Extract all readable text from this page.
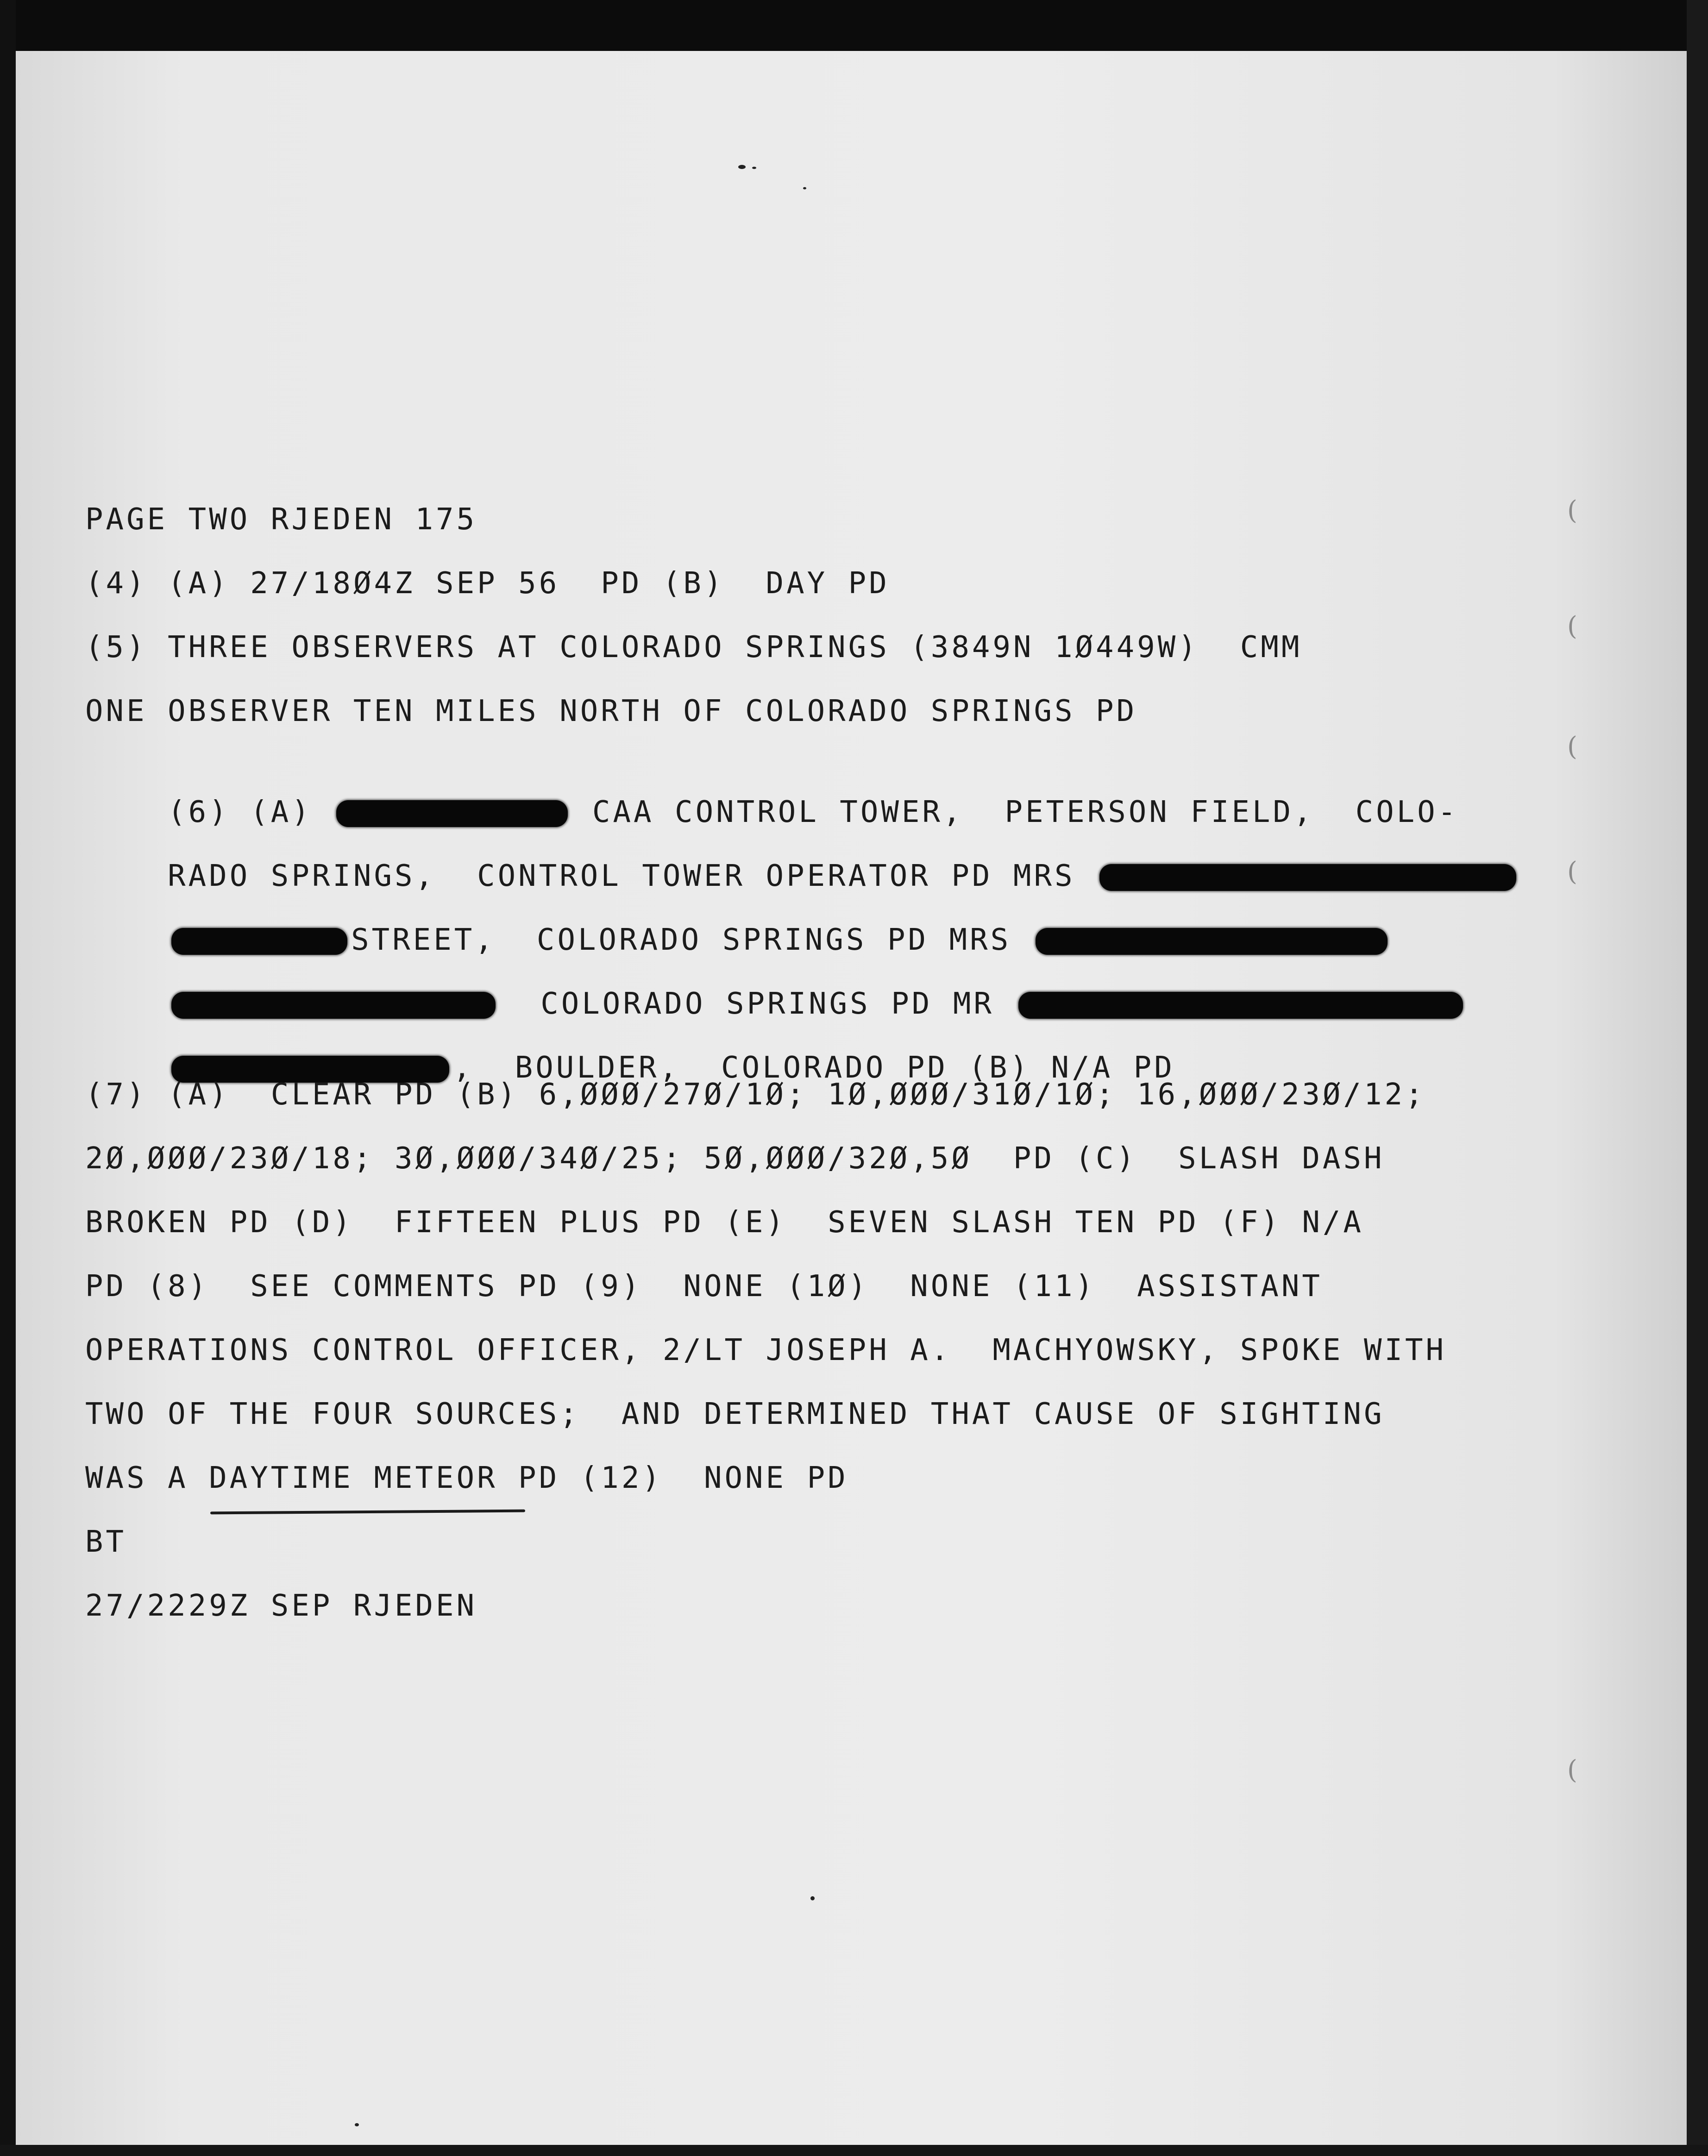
(
(
(
(
(

PAGE TWO RJEDEN 175

(4) (A) 27/18Ø4Z SEP 56  PD (B)  DAY PD

(5) THREE OBSERVERS AT COLORADO SPRINGS (3849N 1Ø449W)  CMM

ONE OBSERVER TEN MILES NORTH OF COLORADO SPRINGS PD

(6) (A)	CAA CONTROL TOWER,  PETERSON FIELD,  COLO-

RADO SPRINGS,  CONTROL TOWER OPERATOR PD MRS

STREET,  COLORADO SPRINGS PD MRS

COLORADO SPRINGS PD MR

,  BOULDER,  COLORADO PD (B) N/A PD

(7) (A)  CLEAR PD (B) 6,ØØØ/27Ø/1Ø; 1Ø,ØØØ/31Ø/1Ø; 16,ØØØ/23Ø/12;

2Ø,ØØØ/23Ø/18; 3Ø,ØØØ/34Ø/25; 5Ø,ØØØ/32Ø,5Ø  PD (C)  SLASH DASH

BROKEN PD (D)  FIFTEEN PLUS PD (E)  SEVEN SLASH TEN PD (F) N/A

PD (8)  SEE COMMENTS PD (9)  NONE (1Ø)  NONE (11)  ASSISTANT

OPERATIONS CONTROL OFFICER, 2/LT JOSEPH A.  MACHYOWSKY, SPOKE WITH

TWO OF THE FOUR SOURCES;  AND DETERMINED THAT CAUSE OF SIGHTING

WAS A DAYTIME METEOR PD (12)  NONE PD

BT

27/2229Z SEP RJEDEN
